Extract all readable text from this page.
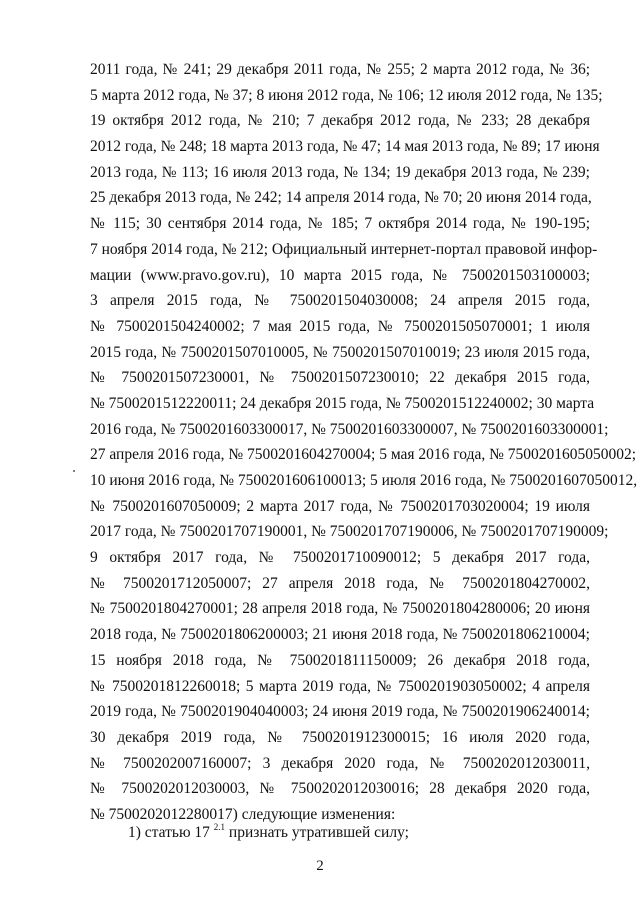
2011 года, № 241; 29 декабря 2011 года, № 255; 2 марта 2012 года, № 36;
5 марта 2012 года, № 37; 8 июня 2012 года, № 106; 12 июля 2012 года, № 135;
19 октября 2012 года, № 210; 7 декабря 2012 года, № 233; 28 декабря
2012 года, № 248; 18 марта 2013 года, № 47; 14 мая 2013 года, № 89; 17 июня
2013 года, № 113; 16 июля 2013 года, № 134; 19 декабря 2013 года, № 239;
25 декабря 2013 года, № 242; 14 апреля 2014 года, № 70; 20 июня 2014 года,
№ 115; 30 сентября 2014 года, № 185; 7 октября 2014 года, № 190-195;
7 ноября 2014 года, № 212; Официальный интернет-портал правовой инфор-
мации (www.pravo.gov.ru), 10 марта 2015 года, № 7500201503100003;
3 апреля 2015 года, № 7500201504030008; 24 апреля 2015 года,
№ 7500201504240002; 7 мая 2015 года, № 7500201505070001; 1 июля
2015 года, № 7500201507010005, № 7500201507010019; 23 июля 2015 года,
№ 7500201507230001, № 7500201507230010; 22 декабря 2015 года,
№ 7500201512220011; 24 декабря 2015 года, № 7500201512240002; 30 марта
2016 года, № 7500201603300017, № 7500201603300007, № 7500201603300001;
27 апреля 2016 года, № 7500201604270004; 5 мая 2016 года, № 7500201605050002;
10 июня 2016 года, № 7500201606100013; 5 июля 2016 года, № 7500201607050012,
№ 7500201607050009; 2 марта 2017 года, № 7500201703020004; 19 июля
2017 года, № 7500201707190001, № 7500201707190006, № 7500201707190009;
9 октября 2017 года, № 7500201710090012; 5 декабря 2017 года,
№ 7500201712050007; 27 апреля 2018 года, № 7500201804270002,
№ 7500201804270001; 28 апреля 2018 года, № 7500201804280006; 20 июня
2018 года, № 7500201806200003; 21 июня 2018 года, № 7500201806210004;
15 ноября 2018 года, № 7500201811150009; 26 декабря 2018 года,
№ 7500201812260018; 5 марта 2019 года, № 7500201903050002; 4 апреля
2019 года, № 7500201904040003; 24 июня 2019 года, № 7500201906240014;
30 декабря 2019 года, № 7500201912300015; 16 июля 2020 года,
№ 7500202007160007; 3 декабря 2020 года, № 7500202012030011,
№ 7500202012030003, № 7500202012030016; 28 декабря 2020 года,
№ 7500202012280017) следующие изменения:
1) статью 17 $^{2.1}$ признать утратившей силу;
2
